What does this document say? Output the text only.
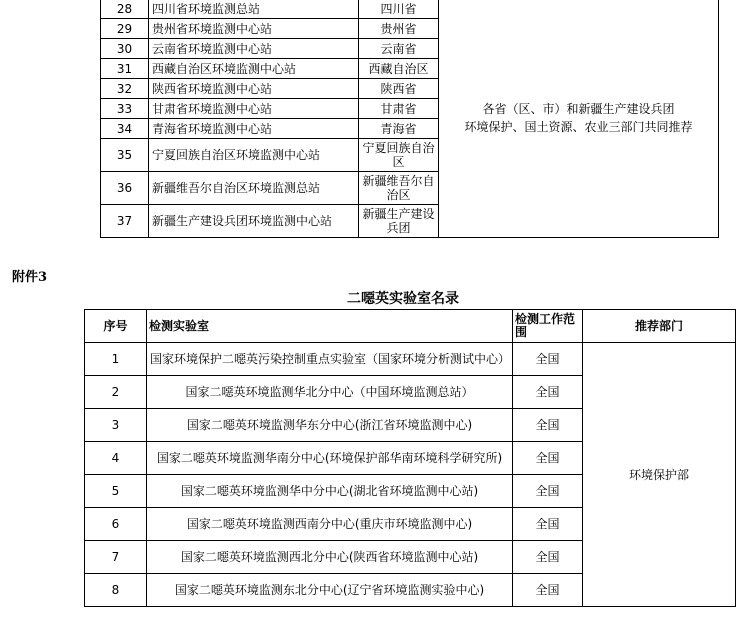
28	四川省环境监测总站	四川省	各省（区、市）和新疆生产建设兵团
环境保护、国土资源、农业三部门共同推荐

29	贵州省环境监测中心站	贵州省	
30	云南省环境监测中心站	云南省	
31	西藏自治区环境监测中心站	西藏自治区	
32	陕西省环境监测中心站	陕西省	
33	甘肃省环境监测中心站	甘肃省	
34	青海省环境监测中心站	青海省	
35	宁夏回族自治区环境监测中心站	宁夏回族自治区	
36	新疆维吾尔自治区环境监测总站	新疆维吾尔自治区	
37	新疆生产建设兵团环境监测中心站	新疆生产建设兵团	
附件3
二噁英实验室名录
序号	检测实验室	检测工作范围	推荐部门
1	国家环境保护二噁英污染控制重点实验室（国家环境分析测试中心）	全国	环境保护部
2	国家二噁英环境监测华北分中心（中国环境监测总站）	全国	
3	国家二噁英环境监测华东分中心(浙江省环境监测中心)	全国	
4	国家二噁英环境监测华南分中心(环境保护部华南环境科学研究所)	全国	
5	国家二噁英环境监测华中分中心(湖北省环境监测中心站)	全国	
6	国家二噁英环境监测西南分中心(重庆市环境监测中心)	全国	
7	国家二噁英环境监测西北分中心(陕西省环境监测中心站)	全国	
8	国家二噁英环境监测东北分中心(辽宁省环境监测实验中心)	全国	
